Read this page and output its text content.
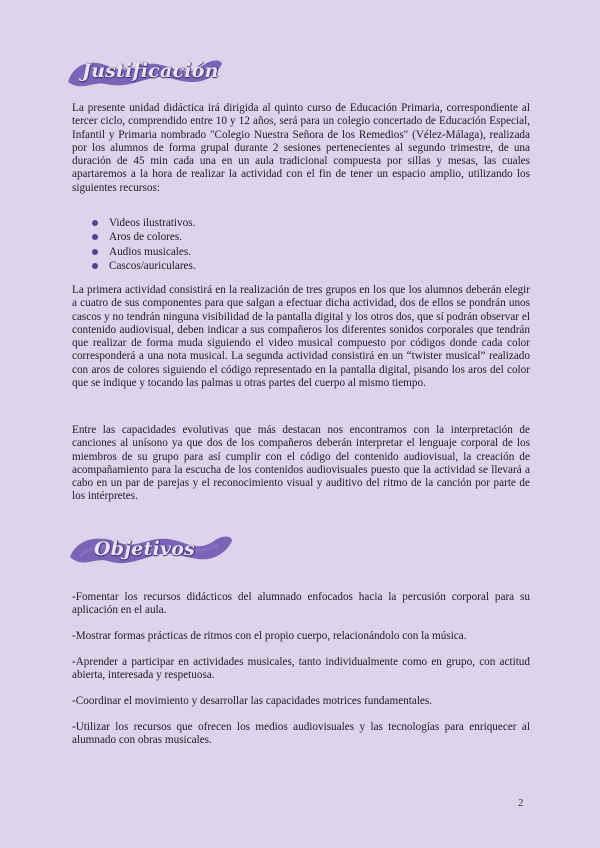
Justificación

La presente unidad didáctica irá dirigida al quinto curso de Educación Primaria, correspondiente al tercer ciclo, comprendido entre 10 y 12 años, será para un colegio concertado de Educación Especial, Infantil y Primaria nombrado "Colegio Nuestra Señora de los Remedios" (Vélez-Málaga), realizada por los alumnos de forma grupal durante 2 sesiones pertenecientes al segundo trimestre, de una duración de 45 min cada una en un aula tradicional compuesta por sillas y mesas, las cuales apartaremos a la hora de realizar la actividad con el fin de tener un espacio amplio, utilizando los siguientes recursos:

Videos ilustrativos.
Aros de colores.
Audios musicales.
Cascos/auriculares.

La primera actividad consistirá en la realización de tres grupos en los que los alumnos deberán elegir a cuatro de sus componentes para que salgan a efectuar dicha actividad, dos de ellos se pondrán unos cascos y no tendrán ninguna visibilidad de la pantalla digital y los otros dos, que sí podrán observar el contenido audiovisual, deben indicar a sus compañeros los diferentes sonidos corporales que tendrán que realizar de forma muda siguiendo el video musical compuesto por códigos donde cada color corresponderá a una nota musical. La segunda actividad consistirá en un “twister musical” realizado con aros de colores siguiendo el código representado en la pantalla digital, pisando los aros del color que se indique y tocando las palmas u otras partes del cuerpo al mismo tiempo.

Entre las capacidades evolutivas que más destacan nos encontramos con la interpretación de canciones al unísono ya que dos de los compañeros deberán interpretar el lenguaje corporal de los miembros de su grupo para así cumplir con el código del contenido audiovisual, la creación de acompañamiento para la escucha de los contenidos audiovisuales puesto que la actividad se llevará a cabo en un par de parejas y el reconocimiento visual y auditivo del ritmo de la canción por parte de los intérpretes.

Objetivos

-Fomentar los recursos didácticos del alumnado enfocados hacia la percusión corporal para su aplicación en el aula.

-Mostrar formas prácticas de ritmos con el propio cuerpo, relacionándolo con la música.

-Aprender a participar en actividades musicales, tanto individualmente como en grupo, con actitud abierta, interesada y respetuosa.

-Coordinar el movimiento y desarrollar las capacidades motrices fundamentales.

-Utilizar los recursos que ofrecen los medios audiovisuales y las tecnologías para enriquecer al alumnado con obras musicales.

2
